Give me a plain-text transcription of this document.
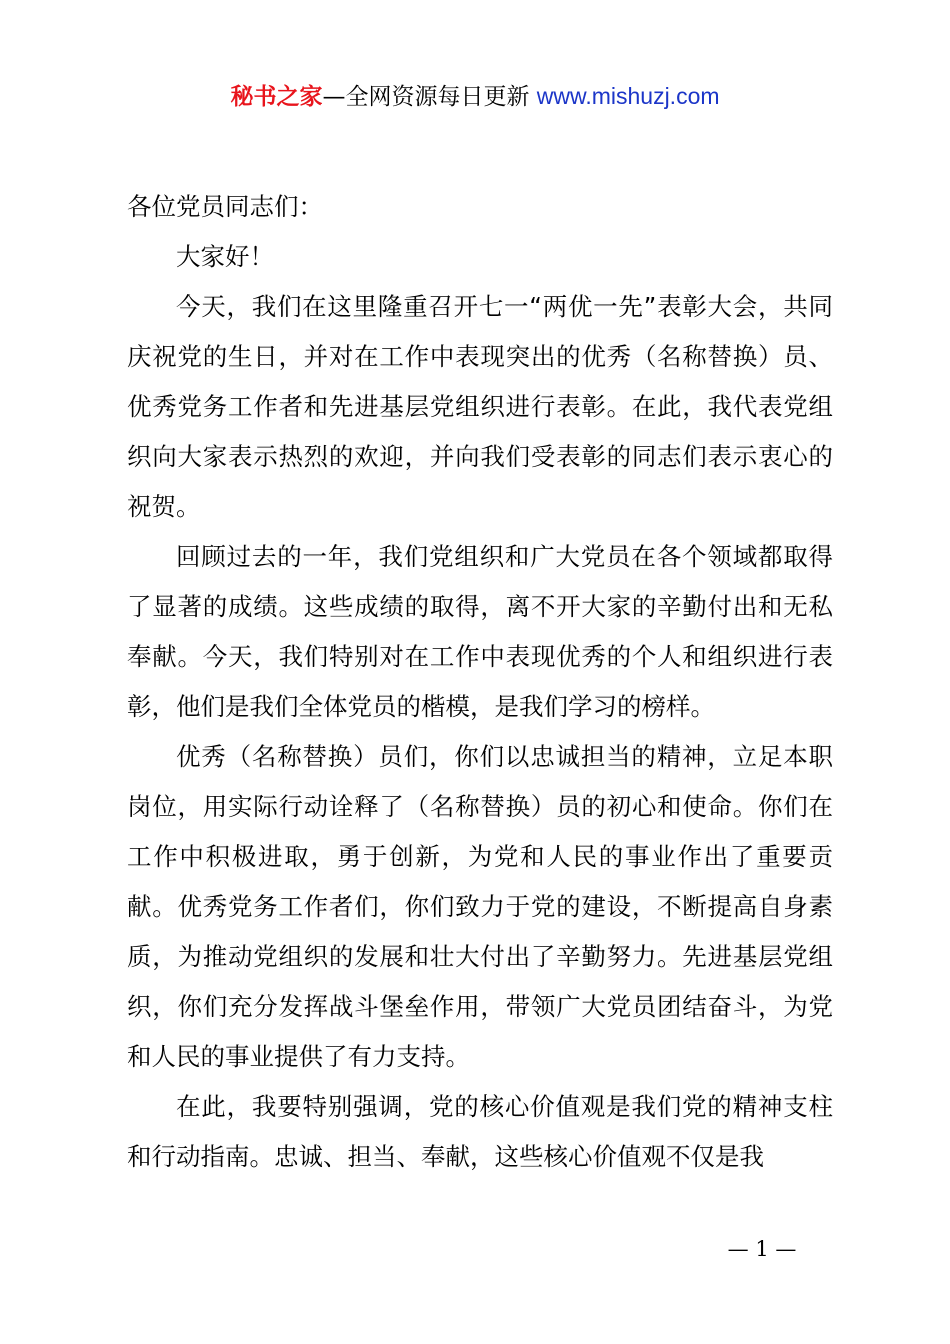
秘书之家—全网资源每日更新 www.mishuzj.com

各位党员同志们：

大家好！

今天，我们在这里隆重召开七一“两优一先”表彰大会，共同庆祝党的生日，并对在工作中表现突出的优秀（名称替换）员、优秀党务工作者和先进基层党组织进行表彰。在此，我代表党组织向大家表示热烈的欢迎，并向我们受表彰的同志们表示衷心的祝贺。

回顾过去的一年，我们党组织和广大党员在各个领域都取得了显著的成绩。这些成绩的取得，离不开大家的辛勤付出和无私奉献。今天，我们特别对在工作中表现优秀的个人和组织进行表彰，他们是我们全体党员的楷模，是我们学习的榜样。

优秀（名称替换）员们，你们以忠诚担当的精神，立足本职岗位，用实际行动诠释了（名称替换）员的初心和使命。你们在工作中积极进取，勇于创新，为党和人民的事业作出了重要贡献。优秀党务工作者们，你们致力于党的建设，不断提高自身素质，为推动党组织的发展和壮大付出了辛勤努力。先进基层党组织，你们充分发挥战斗堡垒作用，带领广大党员团结奋斗，为党和人民的事业提供了有力支持。

在此，我要特别强调，党的核心价值观是我们党的精神支柱和行动指南。忠诚、担当、奉献，这些核心价值观不仅是我

— 1 —
